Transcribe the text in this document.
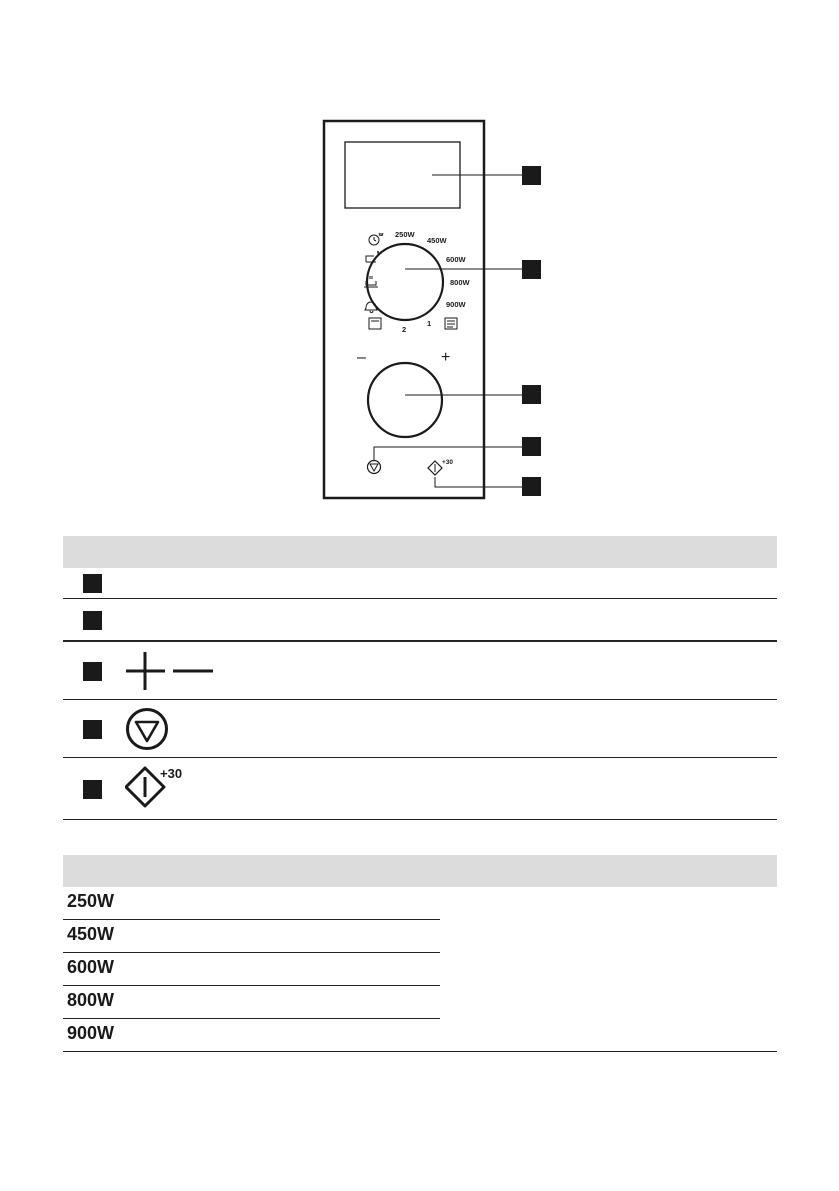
250W
450W
600W
800W
900W
2
1
–	+
+30
+30
250W
450W
600W
800W
900W
